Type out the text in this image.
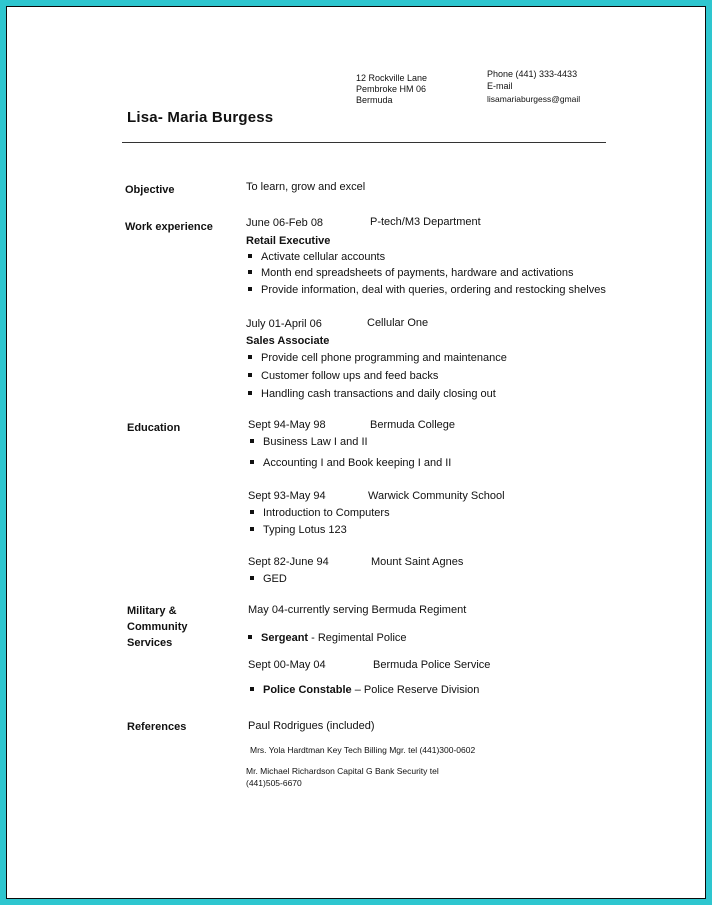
12 Rockville Lane
Pembroke HM 06
Bermuda
Phone (441) 333-4433
E-mail
lisamariaburgess@gmail
Lisa- Maria Burgess
Objective	To learn, grow and excel
Work experience	June 06-Feb 08	P-tech/M3 Department
Retail Executive
Activate cellular accounts
Month end spreadsheets of payments, hardware and activations
Provide information, deal with queries, ordering and restocking shelves
July 01-April 06	Cellular One
Sales Associate
Provide cell phone programming and maintenance
Customer follow ups and feed backs
Handling cash transactions and daily closing out
Education	Sept 94-May 98	Bermuda College
Business Law I and II
Accounting I and Book keeping I and II
Sept 93-May 94	Warwick Community School
Introduction to Computers
Typing Lotus 123
Sept 82-June 94	Mount Saint Agnes
GED
Military &
Community
Services
May 04-currently serving Bermuda Regiment
Sergeant - Regimental Police
Sept 00-May 04	Bermuda Police Service
Police Constable – Police Reserve Division
References	Paul Rodrigues (included)
Mrs. Yola Hardtman Key Tech Billing Mgr. tel (441)300-0602
Mr. Michael Richardson Capital G Bank Security tel
(441)505-6670
